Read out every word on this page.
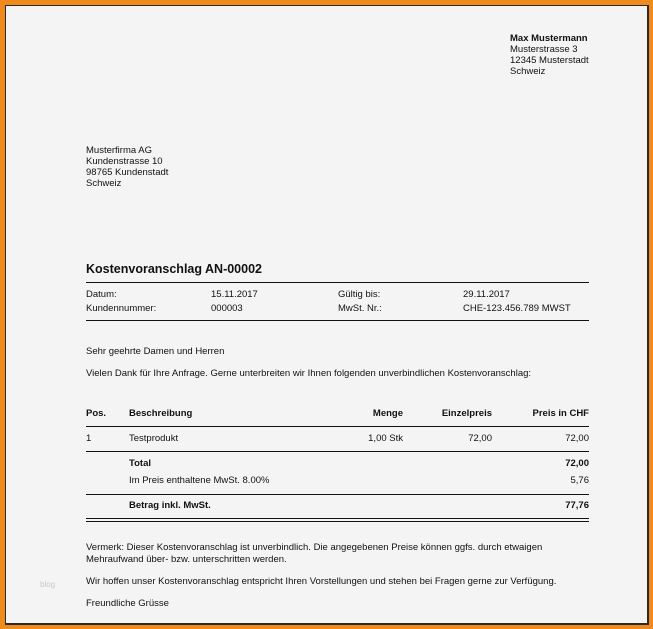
Max Mustermann
Musterstrasse 3
12345 Musterstadt
Schweiz
Musterfirma AG
Kundenstrasse 10
98765 Kundenstadt
Schweiz
Kostenvoranschlag AN-00002
Datum:	15.11.2017	Gültig bis:	29.11.2017
Kundennummer:	000003	MwSt. Nr.:	CHE-123.456.789 MWST
Sehr geehrte Damen und Herren
Vielen Dank für Ihre Anfrage. Gerne unterbreiten wir Ihnen folgenden unverbindlichen Kostenvoranschlag:
Pos. Beschreibung	Menge	Einzelpreis	Preis in CHF
1	Testprodukt	1,00 Stk	72,00	72,00
Total	72,00
Im Preis enthaltene MwSt. 8.00%	5,76
Betrag inkl. MwSt.	77,76
Vermerk: Dieser Kostenvoranschlag ist unverbindlich. Die angegebenen Preise können ggfs. durch etwaigen
Mehraufwand über- bzw. unterschritten werden.
Wir hoffen unser Kostenvoranschlag entspricht Ihren Vorstellungen und stehen bei Fragen gerne zur Verfügung.
Freundliche Grüsse
blog
